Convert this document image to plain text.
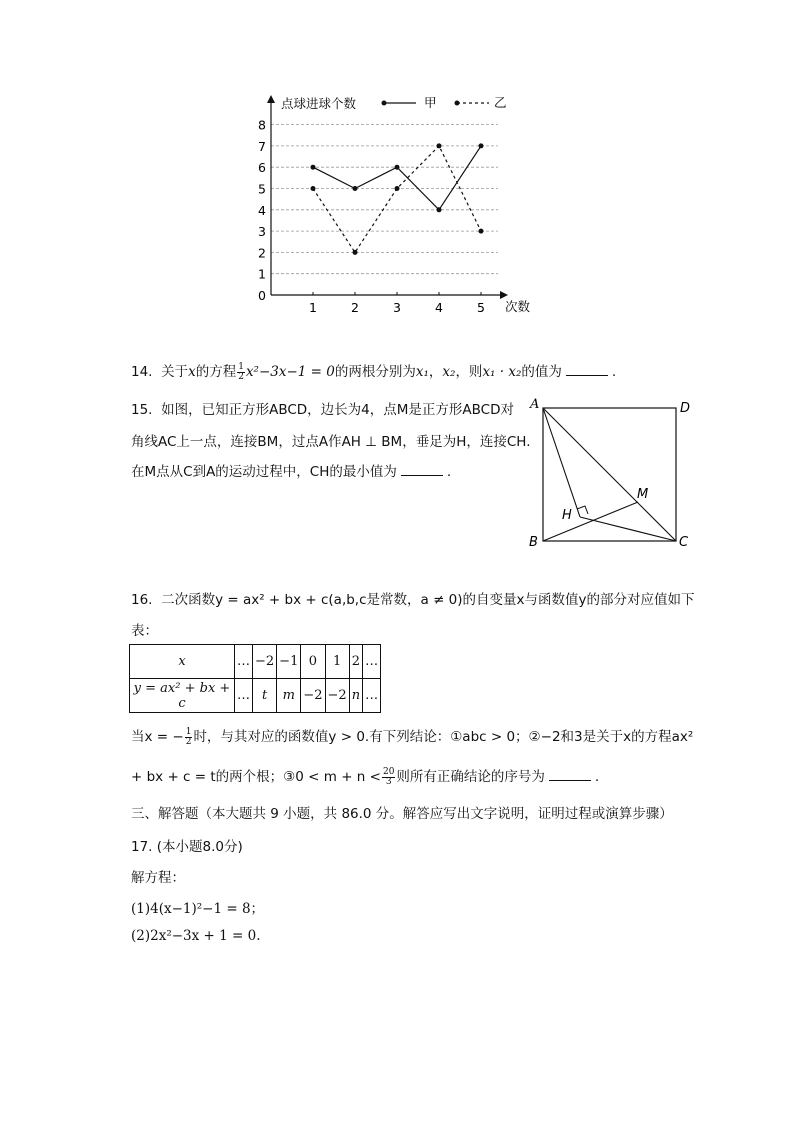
0
1
2
3
4
5
6
7
8
1	2	3	4	5
点球进球个数
次数
甲	乙
14. 关于x的方程 $\frac{1}{2} x^2-3x-1 = 0$的两根分别为x₁，x₂，则x₁ · x₂的值为	.
15. 如图，已知正方形ABCD，边长为4，点M是正方形ABCD对
角线AC上一点，连接BM，过点A作AH ⊥ BM，垂足为H，连接CH.
在M点从C到A的运动过程中，CH的最小值为	.
A	D
B	C
H
M
16. 二次函数y = ax² + bx + c(a,b,c是常数，a ≠ 0)的自变量x与函数值y的部分对应值如下
表：
x	…	−2	−1	0	1	2	…
y = ax² + bx + c	…	t	m	−2	−2	n	…
当x = − $\frac{1}{2}$ 时，与其对应的函数值y > 0.有下列结论：①abc > 0；②−2和3是关于x的方程ax²
+ bx + c = t的两个根；③0 < $m + n < \frac{20}{3}$ 则所有正确结论的序号为	.
三、解答题（本大题共 9 小题，共 86.0 分。解答应写出文字说明，证明过程或演算步骤）
17. (本小题8.0分)
解方程：
(1)4(x−1)²−1 = 8；
(2)2x²−3x + 1 = 0.
